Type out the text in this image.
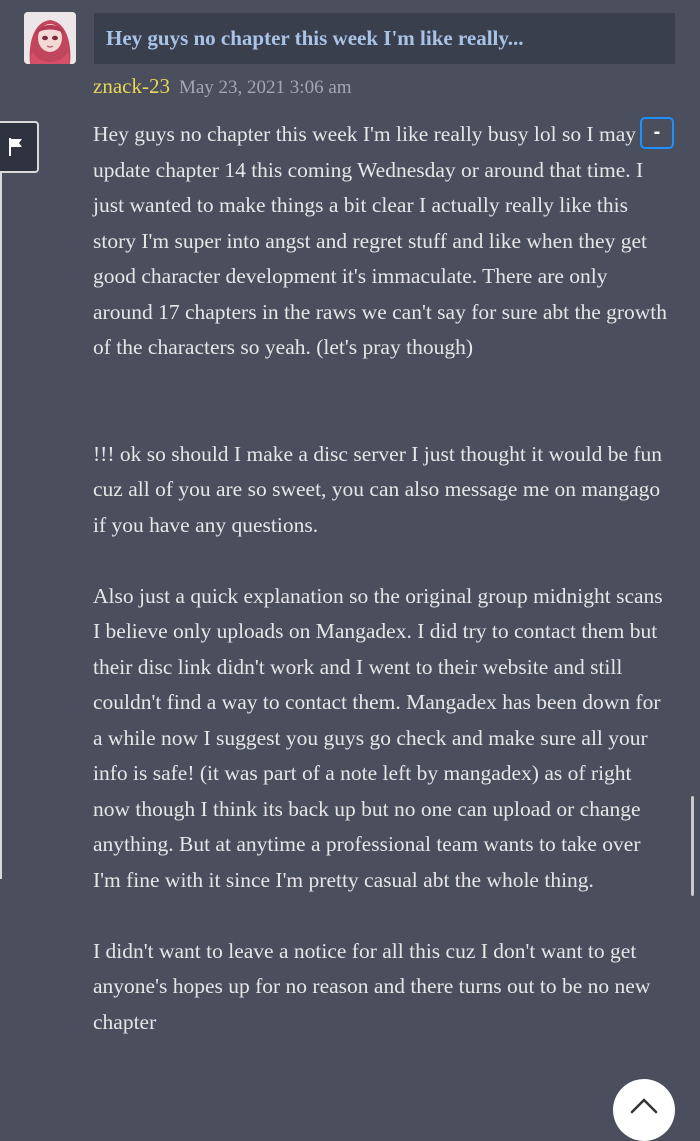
Hey guys no chapter this week I'm like really...
znack-23 May 23, 2021 3:06 am
-

Hey guys no chapter this week I'm like really busy lol so I may update chapter 14 this coming Wednesday or around that time. I just wanted to make things a bit clear I actually really like this story I'm super into angst and regret stuff and like when they get good character development it's immaculate. There are only around 17 chapters in the raws we can't say for sure abt the growth of the characters so yeah. (let's pray though)

!!! ok so should I make a disc server I just thought it would be fun cuz all of you are so sweet, you can also message me on mangago if you have any questions.

Also just a quick explanation so the original group midnight scans I believe only uploads on Mangadex. I did try to contact them but their disc link didn't work and I went to their website and still couldn't find a way to contact them. Mangadex has been down for a while now I suggest you guys go check and make sure all your info is safe! (it was part of a note left by mangadex) as of right now though I think its back up but no one can upload or change anything. But at anytime a professional team wants to take over I'm fine with it since I'm pretty casual abt the whole thing.

I didn't want to leave a notice for all this cuz I don't want to get anyone's hopes up for no reason and there turns out to be no new chapter
